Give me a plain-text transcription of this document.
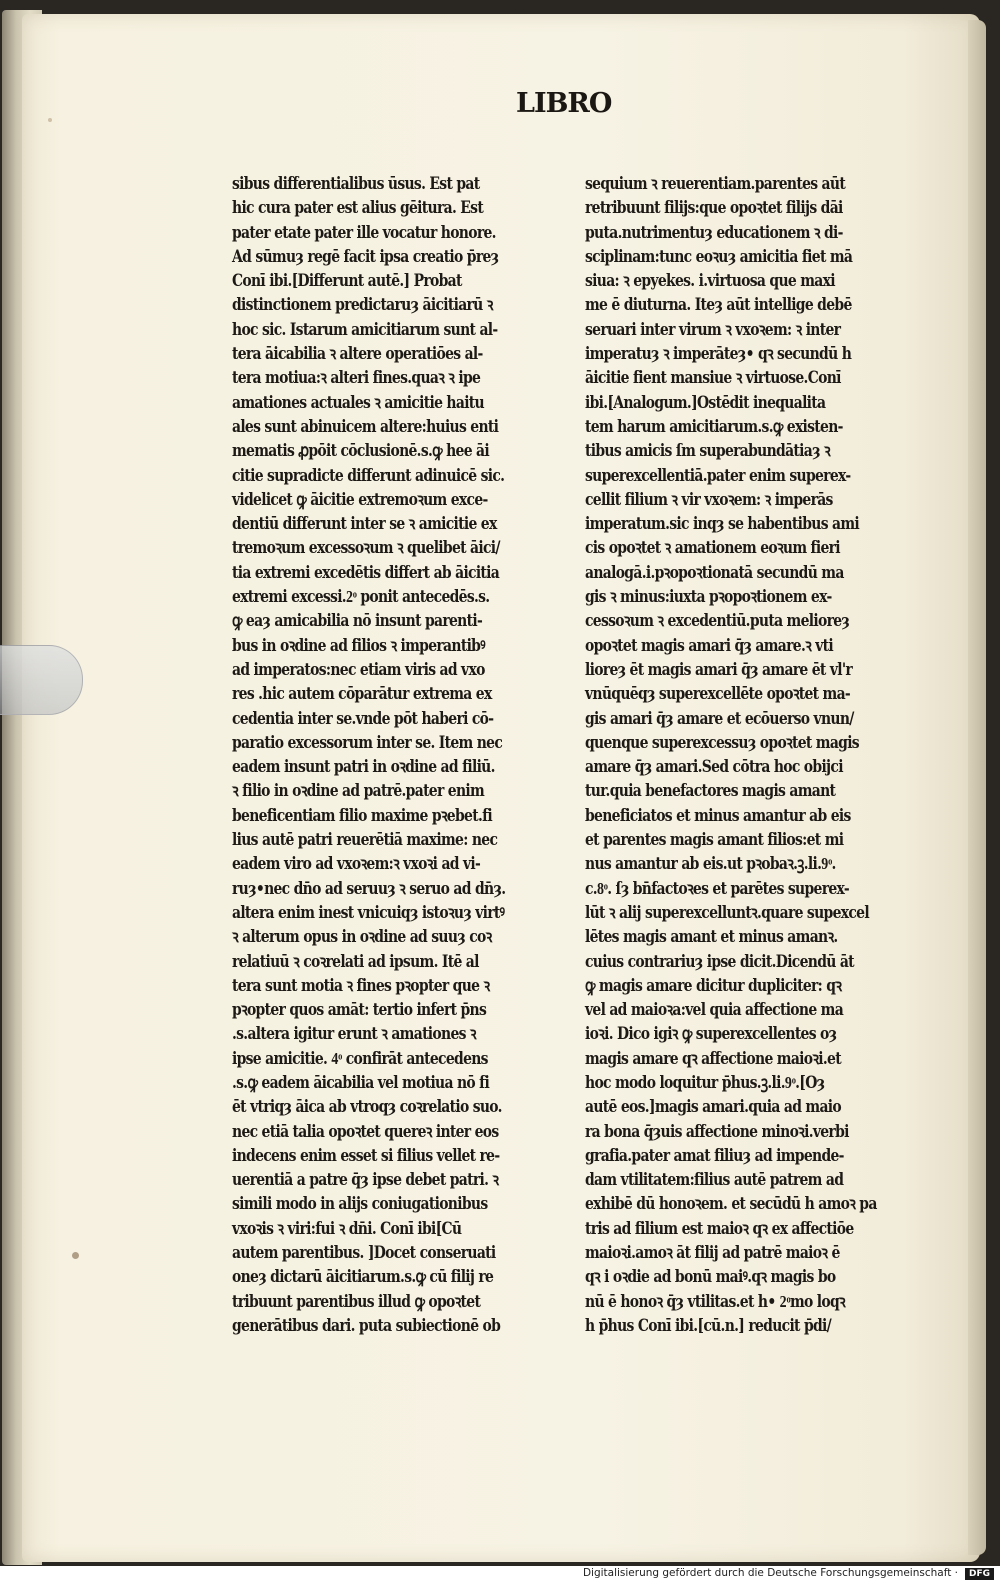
LIBRO
sibus differentialibus ūsus. Est pat
hic cura pater est alius gēitura. Est
pater etate pater ille vocatur honore.
Ad sūmuȝ regē facit ipsa creatio p̄reȝ
Conī ibi.[Differunt autē.] Probat
distinctionem predictaruȝ āicitiarū ꝛ
hoc sic. Istarum amicitiarum sunt al-
tera āicabilia ꝛ altere operatiōes al-
tera motiua:ꝛ alteri fines.quaꝛ ꝛ ipe
amationes actuales ꝛ amicitie haitu
ales sunt abinuicem altere:huius enti
mematis ꝓpōit cōclusionē.s.ꝙ hee āi
citie supradicte differunt adinuicē sic.
videlicet ꝙ āicitie extremoꝛum exce-
dentiū differunt inter se ꝛ amicitie ex
tremoꝛum excessoꝛum ꝛ quelibet āici/
tia extremi excedētis differt ab āicitia
extremi excessi.2ͦ ponit antecedēs.s.
ꝙ eaȝ amicabilia nō insunt parenti-
bus in oꝛdine ad filios ꝛ imperantibꝰ
ad imperatos:nec etiam viris ad vxo
res .hic autem cōparātur extrema ex
cedentia inter se.vnde pōt haberi cō-
paratio excessorum inter se. Item nec
eadem insunt patri in oꝛdine ad filiū.
ꝛ filio in oꝛdine ad patrē.pater enim
beneficentiam filio maxime pꝛebet.fi
lius autē patri reuerētiā maxime: nec
eadem viro ad vxoꝛem:ꝛ vxoꝛi ad vi-
ruȝ•nec dn̄o ad seruuȝ ꝛ seruo ad dn̄ȝ.
altera enim inest vnicuiqȝ istoꝛuȝ virtꝰ
ꝛ alterum opus in oꝛdine ad suuȝ coꝛ
relatiuū ꝛ coꝛrelati ad ipsum. Itē al
tera sunt motia ꝛ fines pꝛopter que ꝛ
pꝛopter quos amāt: tertio infert p̄ns
.s.altera igitur erunt ꝛ amationes ꝛ
ipse amicitie. 4ͦ confirāt antecedens
.s.ꝙ eadem āicabilia vel motiua nō fi
ēt vtriqȝ āica ab vtroqȝ coꝛrelatio suo.
nec etiā talia opoꝛtet quereꝛ inter eos
indecens enim esset si filius vellet re-
uerentiā a patre q̄ȝ ipse debet patri. ꝛ
simili modo in alijs coniugationibus
vxoꝛis ꝛ viri:fui ꝛ dn̄i. Conī ibi[Cū
autem parentibus. ]Docet conseruati
oneȝ dictarū āicitiarum.s.ꝙ cū filij re
tribuunt parentibus illud ꝙ opoꝛtet
generātibus dari. puta subiectionē ob
sequium ꝛ reuerentiam.parentes aūt
retribuunt filijs:que opoꝛtet filijs dāi
puta.nutrimentuȝ educationem ꝛ di-
sciplinam:tunc eoꝛuȝ amicitia fiet mā
siua: ꝛ epyekes. i.virtuosa que maxi
me ē diuturna. Iteȝ aūt intellige debē
seruari inter virum ꝛ vxoꝛem: ꝛ inter
imperatuȝ ꝛ imperāteȝ• qꝛ secundū h
āicitie fient mansiue ꝛ virtuose.Conī
ibi.[Analogum.]Ostēdit inequalita
tem harum amicitiarum.s.ꝙ existen-
tibus amicis ſm superabundātiaȝ ꝛ
superexcellentiā.pater enim superex-
cellit filium ꝛ vir vxoꝛem: ꝛ imperās
imperatum.sic inqȝ se habentibus ami
cis opoꝛtet ꝛ amationem eoꝛum fieri
analogā.i.pꝛopoꝛtionatā secundū ma
gis ꝛ minus:iuxta pꝛopoꝛtionem ex-
cessoꝛum ꝛ excedentiū.puta melioreȝ
opoꝛtet magis amari q̄ȝ amare.ꝛ vti
lioreȝ ēt magis amari q̄ȝ amare ēt vl'r
vnūquēqȝ superexcellēte opoꝛtet ma-
gis amari q̄ȝ amare et ecōuerso vnun/
quenque superexcessuȝ opoꝛtet magis
amare q̄ȝ amari.Sed cōtra hoc obijci
tur.quia benefactores magis amant
beneficiatos et minus amantur ab eis
et parentes magis amant filios:et mi
nus amantur ab eis.ut pꝛobaꝛ.ꝫ.li.9ͦ.
c.8ͦ. ſȝ bn̄factoꝛes et parētes superex-
lūt ꝛ alij superexcelluntꝛ.quare supexcel
lētes magis amant et minus amanꝛ.
cuius contrariuȝ ipse dicit.Dicendū āt
ꝙ magis amare dicitur dupliciter: qꝛ
vel ad maioꝛa:vel quia affectione ma
ioꝛi. Dico igiꝛ ꝙ superexcellentes oȝ
magis amare qꝛ affectione maioꝛi.et
hoc modo loquitur p̄hus.ꝫ.li.9ͦ.[Oȝ
autē eos.]magis amari.quia ad maio
ra bona q̄ȝuis affectione minoꝛi.verbi
grafia.pater amat filiuȝ ad impende-
dam vtilitatem:filius autē patrem ad
exhibē dū honoꝛem. et secūdū h amoꝛ pa
tris ad filium est maioꝛ qꝛ ex affectiōe
maioꝛi.amoꝛ āt filij ad patrē maioꝛ ē
qꝛ i oꝛdie ad bonū maiꝰ.qꝛ magis bo
nū ē honoꝛ q̄ȝ vtilitas.et h• 2ͦmo loqꝛ
h p̄hus Conī ibi.[cū.n.] reducit p̄di/
Digitalisierung gefördert durch die Deutsche Forschungsgemeinschaft ·	DFG
